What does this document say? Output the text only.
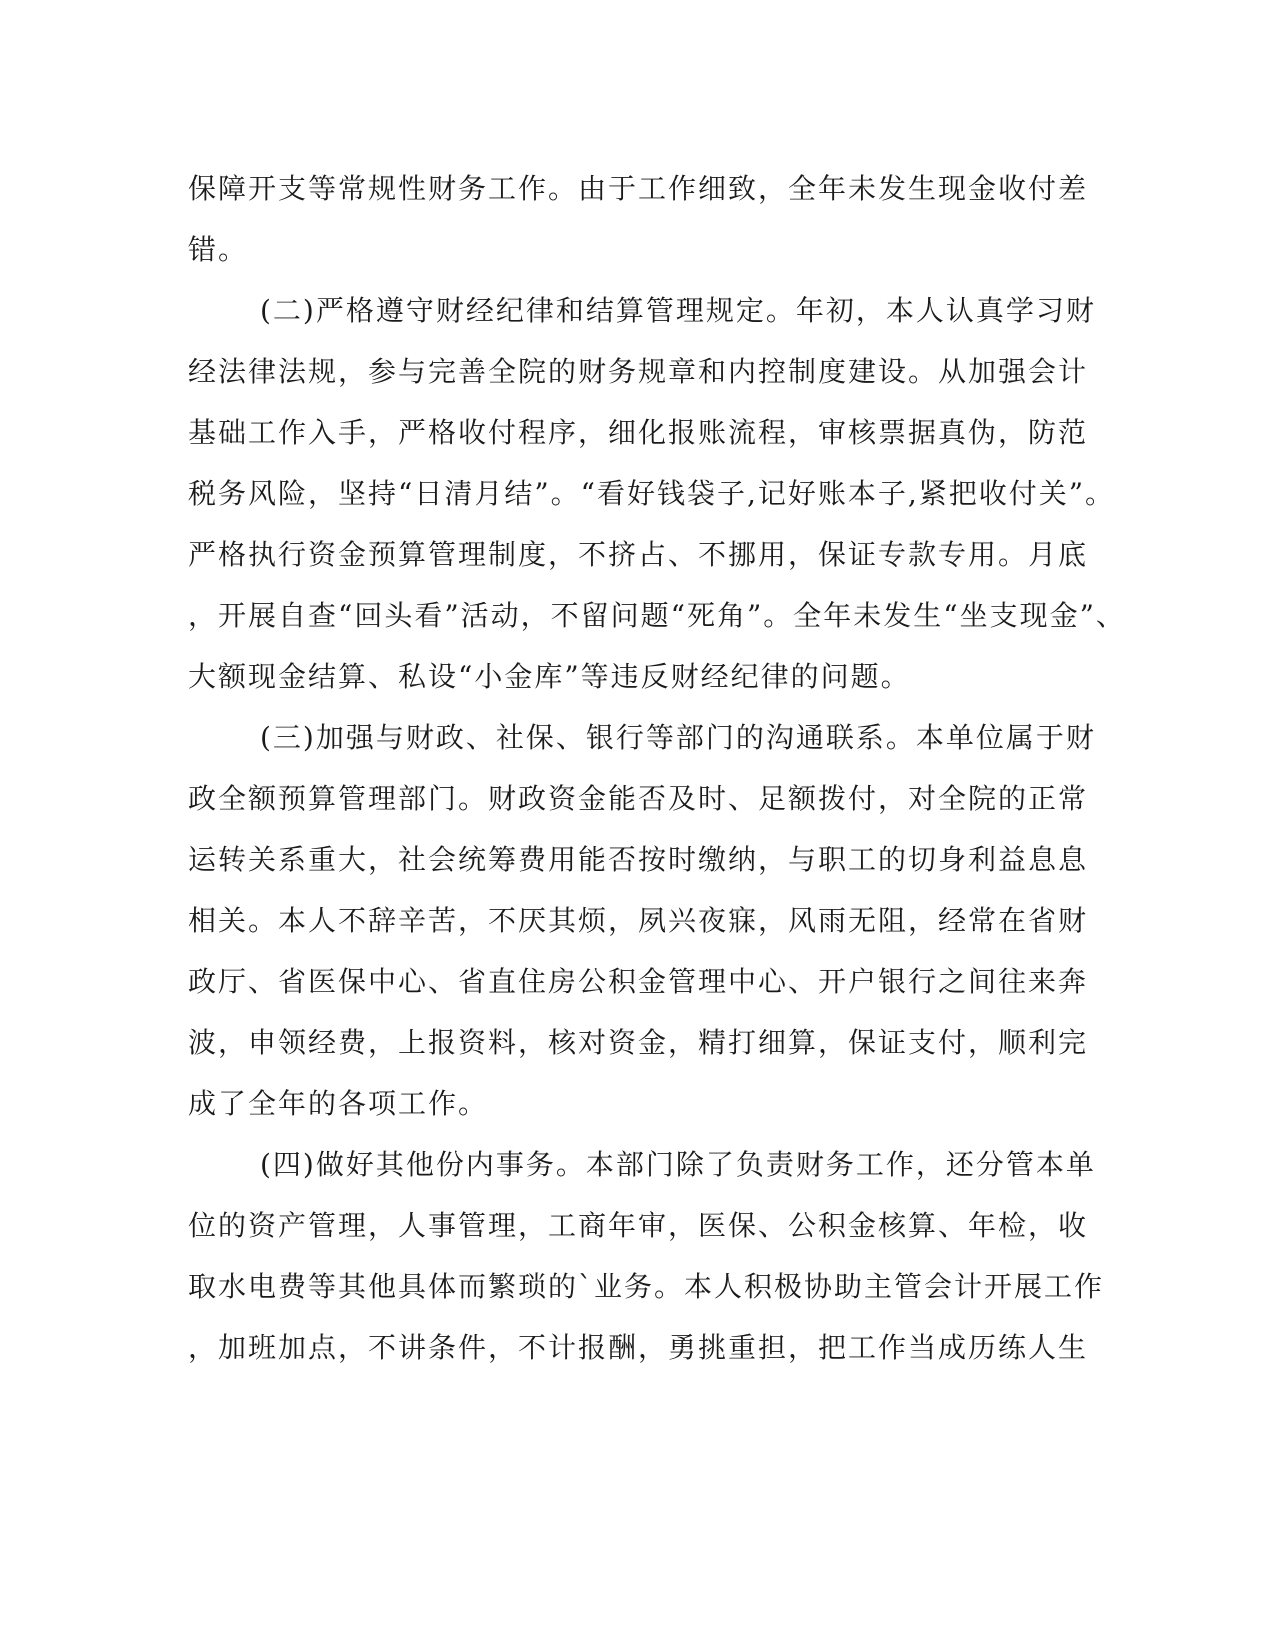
保障开支等常规性财务工作。由于工作细致，全年未发生现金收付差
错。
(二)严格遵守财经纪律和结算管理规定。年初，本人认真学习财
经法律法规，参与完善全院的财务规章和内控制度建设。从加强会计
基础工作入手，严格收付程序，细化报账流程，审核票据真伪，防范
税务风险，坚持“日清月结”。“看好钱袋子,记好账本子,紧把收付关”。
严格执行资金预算管理制度，不挤占、不挪用，保证专款专用。月底
，开展自查“回头看”活动，不留问题“死角”。全年未发生“坐支现金”、
大额现金结算、私设“小金库”等违反财经纪律的问题。
(三)加强与财政、社保、银行等部门的沟通联系。本单位属于财
政全额预算管理部门。财政资金能否及时、足额拨付，对全院的正常
运转关系重大，社会统筹费用能否按时缴纳，与职工的切身利益息息
相关。本人不辞辛苦，不厌其烦，夙兴夜寐，风雨无阻，经常在省财
政厅、省医保中心、省直住房公积金管理中心、开户银行之间往来奔
波，申领经费，上报资料，核对资金，精打细算，保证支付，顺利完
成了全年的各项工作。
(四)做好其他份内事务。本部门除了负责财务工作，还分管本单
位的资产管理，人事管理，工商年审，医保、公积金核算、年检，收
取水电费等其他具体而繁琐的`业务。本人积极协助主管会计开展工作
，加班加点，不讲条件，不计报酬，勇挑重担，把工作当成历练人生
